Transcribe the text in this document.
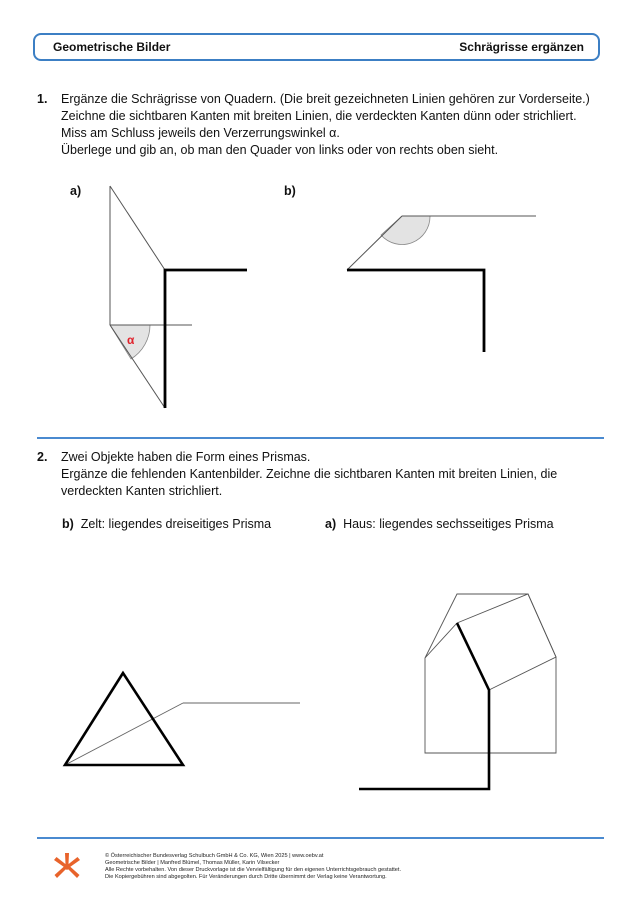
Geometrische Bilder	Schrägrisse ergänzen
1. Ergänze die Schrägrisse von Quadern. (Die breit gezeichneten Linien gehören zur Vorderseite.)
Zeichne die sichtbaren Kanten mit breiten Linien, die verdeckten Kanten dünn oder strichliert.
Miss am Schluss jeweils den Verzerrungswinkel α.
Überlege und gib an, ob man den Quader von links oder von rechts oben sieht.
a)	b)
α
2. Zwei Objekte haben die Form eines Prismas.
Ergänze die fehlenden Kantenbilder. Zeichne die sichtbaren Kanten mit breiten Linien, die
verdeckten Kanten strichliert.
b) Zelt: liegendes dreiseitiges Prisma	a) Haus: liegendes sechsseitiges Prisma
© Österreichischer Bundesverlag Schulbuch GmbH & Co. KG, Wien 2025 | www.oebv.at
Geometrische Bilder | Manfred Blümel, Thomas Müller, Karin Vilsecker
Alle Rechte vorbehalten. Von dieser Druckvorlage ist die Vervielfältigung für den eigenen Unterrichtsgebrauch gestattet.
Die Kopiergebühren sind abgegolten. Für Veränderungen durch Dritte übernimmt der Verlag keine Verantwortung.
